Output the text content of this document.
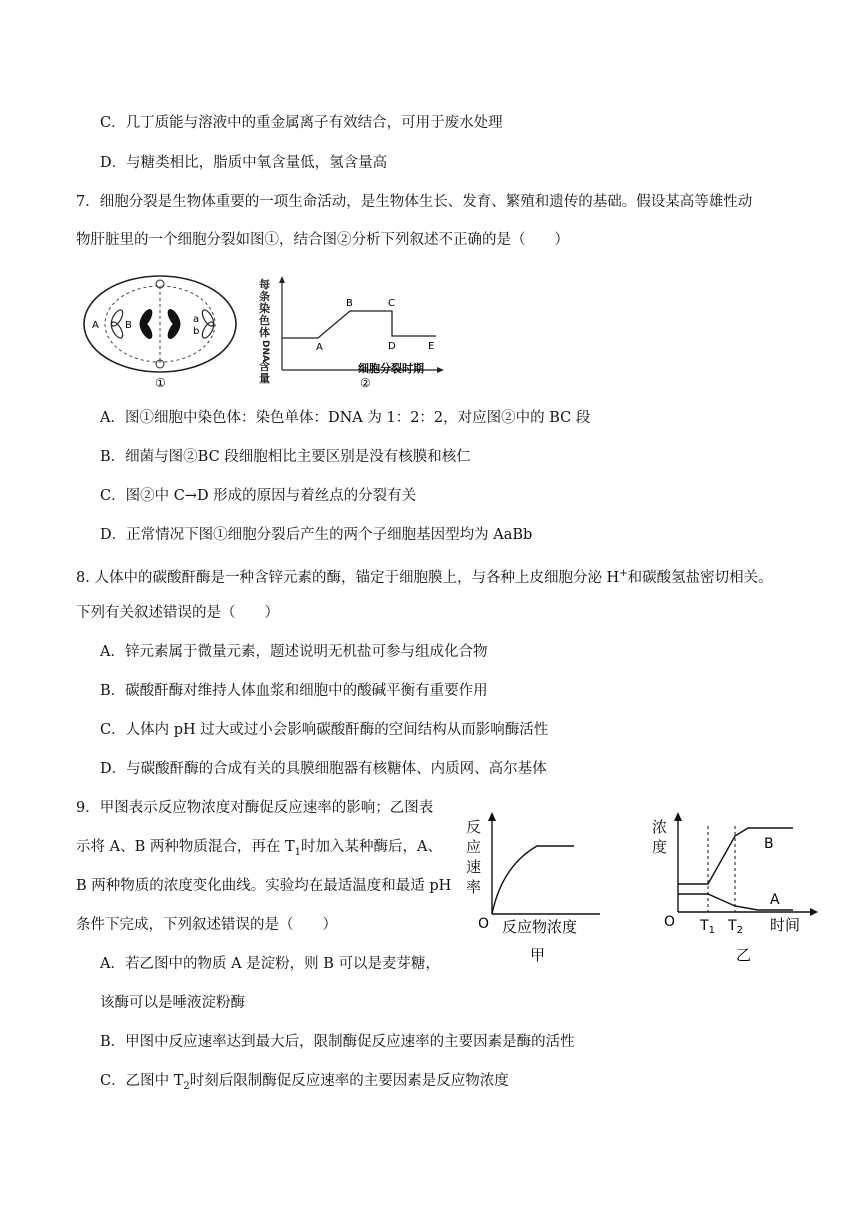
C．几丁质能与溶液中的重金属离子有效结合，可用于废水处理
D．与糖类相比，脂质中氧含量低，氢含量高
7．细胞分裂是生物体重要的一项生命活动，是生物体生长、发育、繁殖和遗传的基础。假设某高等雄性动
物肝脏里的一个细胞分裂如图①，结合图②分析下列叙述不正确的是（　　）
A	B
a
b
①
每
条
染
色
体
DNA
含
量
A
B	C
D	E
细胞分裂时期
②
A．图①细胞中染色体：染色单体：DNA 为 1：2：2，对应图②中的 BC 段
B．细菌与图②BC 段细胞相比主要区别是没有核膜和核仁
C．图②中 C→D 形成的原因与着丝点的分裂有关
D．正常情况下图①细胞分裂后产生的两个子细胞基因型均为 AaBb
8. 人体中的碳酸酐酶是一种含锌元素的酶，锚定于细胞膜上，与各种上皮细胞分泌 H+和碳酸氢盐密切相关。
下列有关叙述错误的是（　　）
A．锌元素属于微量元素，题述说明无机盐可参与组成化合物
B．碳酸酐酶对维持人体血浆和细胞中的酸碱平衡有重要作用
C．人体内 pH 过大或过小会影响碳酸酐酶的空间结构从而影响酶活性
D．与碳酸酐酶的合成有关的具膜细胞器有核糖体、内质网、高尔基体
9．甲图表示反应物浓度对酶促反应速率的影响；乙图表
示将 A、B 两种物质混合，再在 $T_1$时加入某种酶后，A、
B 两种物质的浓度变化曲线。实验均在最适温度和最适 pH
条件下完成，下列叙述错误的是（　　）
反
应
速
率
O 反应物浓度
甲
浓
度	B
A
O $T_1$ $T_2$ 时间
乙
A．若乙图中的物质 A 是淀粉，则 B 可以是麦芽糖，
该酶可以是唾液淀粉酶
B．甲图中反应速率达到最大后，限制酶促反应速率的主要因素是酶的活性
C．乙图中 $T_2$时刻后限制酶促反应速率的主要因素是反应物浓度
